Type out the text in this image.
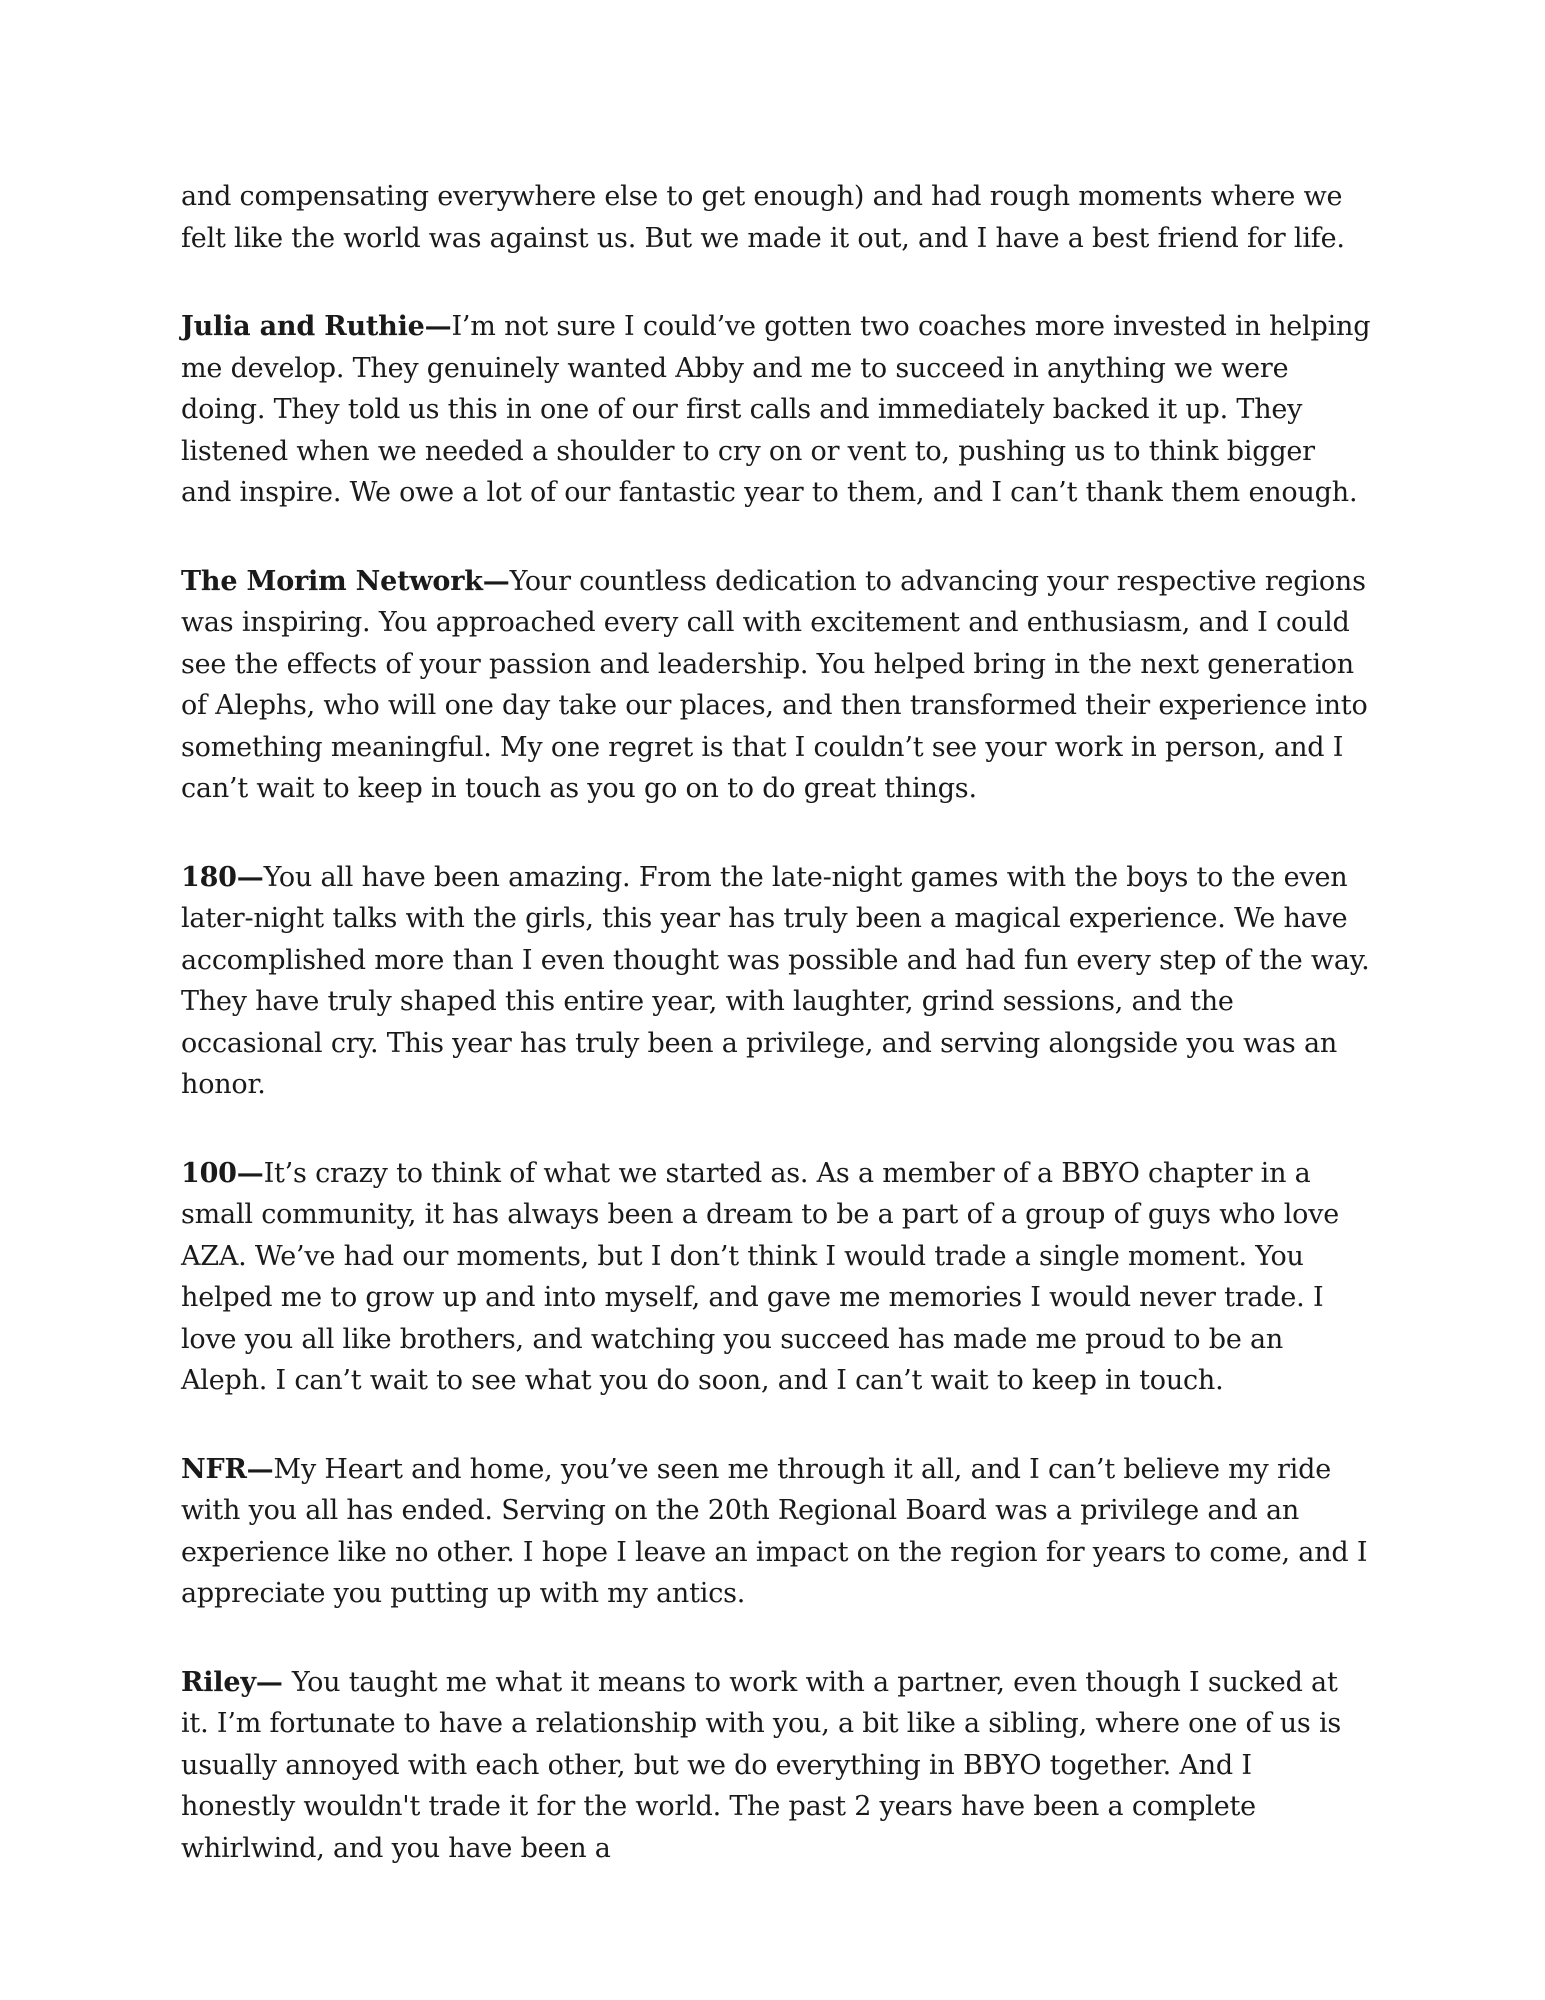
and compensating everywhere else to get enough) and had rough moments where we felt like the world was against us. But we made it out, and I have a best friend for life.

Julia and Ruthie—I’m not sure I could’ve gotten two coaches more invested in helping me develop. They genuinely wanted Abby and me to succeed in anything we were doing. They told us this in one of our first calls and immediately backed it up. They listened when we needed a shoulder to cry on or vent to, pushing us to think bigger and inspire. We owe a lot of our fantastic year to them, and I can’t thank them enough.

The Morim Network—Your countless dedication to advancing your respective regions was inspiring. You approached every call with excitement and enthusiasm, and I could see the effects of your passion and leadership. You helped bring in the next generation of Alephs, who will one day take our places, and then transformed their experience into something meaningful. My one regret is that I couldn’t see your work in person, and I can’t wait to keep in touch as you go on to do great things.

180—You all have been amazing. From the late-night games with the boys to the even later-night talks with the girls, this year has truly been a magical experience. We have accomplished more than I even thought was possible and had fun every step of the way. They have truly shaped this entire year, with laughter, grind sessions, and the occasional cry. This year has truly been a privilege, and serving alongside you was an honor.

100—It’s crazy to think of what we started as. As a member of a BBYO chapter in a small community, it has always been a dream to be a part of a group of guys who love AZA. We’ve had our moments, but I don’t think I would trade a single moment. You helped me to grow up and into myself, and gave me memories I would never trade. I love you all like brothers, and watching you succeed has made me proud to be an Aleph. I can’t wait to see what you do soon, and I can’t wait to keep in touch.

NFR—My Heart and home, you’ve seen me through it all, and I can’t believe my ride with you all has ended. Serving on the 20th Regional Board was a privilege and an experience like no other. I hope I leave an impact on the region for years to come, and I appreciate you putting up with my antics.

Riley— You taught me what it means to work with a partner, even though I sucked at it. I’m fortunate to have a relationship with you, a bit like a sibling, where one of us is usually annoyed with each other, but we do everything in BBYO together. And I honestly wouldn't trade it for the world. The past 2 years have been a complete whirlwind, and you have been a
